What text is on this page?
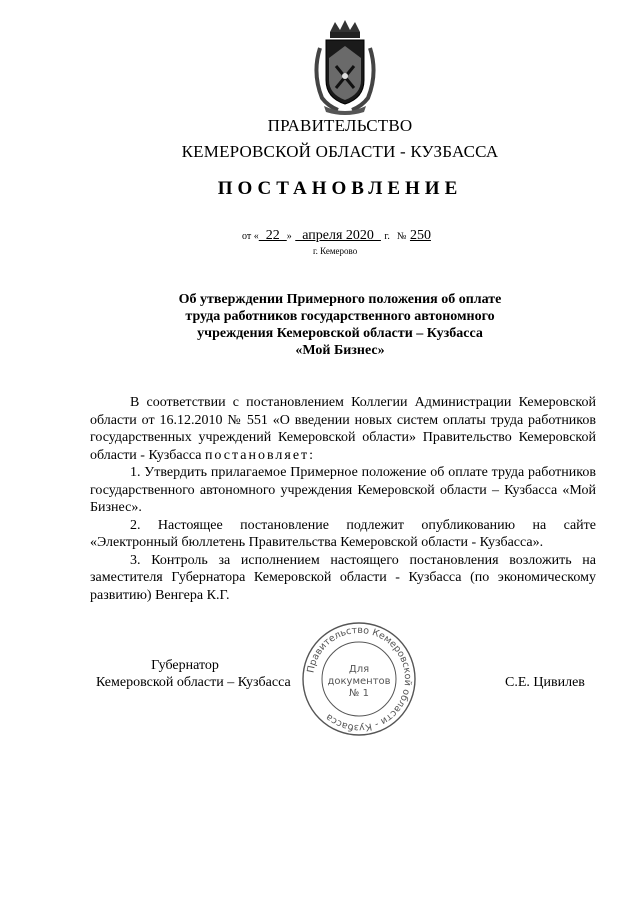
ПРАВИТЕЛЬСТВО
КЕМЕРОВСКОЙ ОБЛАСТИ - КУЗБАССА
ПОСТАНОВЛЕНИЕ
от «  22  »   апреля 2020   г. № 250
г. Кемерово
Об утверждении Примерного положения об оплате
труда работников государственного автономного
учреждения Кемеровской области – Кузбасса
«Мой Бизнес»

В соответствии с постановлением Коллегии Администрации Кемеровской области от 16.12.2010 № 551 «О введении новых систем оплаты труда работников государственных учреждений Кемеровской области» Правительство Кемеровской области - Кузбасса постановляет:

1. Утвердить прилагаемое Примерное положение об оплате труда работников государственного автономного учреждения Кемеровской области – Кузбасса «Мой Бизнес».

2. Настоящее постановление подлежит опубликованию на сайте «Электронный бюллетень Правительства Кемеровской области - Кузбасса».

3. Контроль за исполнением настоящего постановления возложить на заместителя Губернатора Кемеровской области - Кузбасса (по экономическому развитию) Венгера К.Г.

Губернатор
Кемеровской области – Кузбасса	С.Е. Цивилев
Правительство Кемеровской области - Кузбасса
Для
документов
№ 1
